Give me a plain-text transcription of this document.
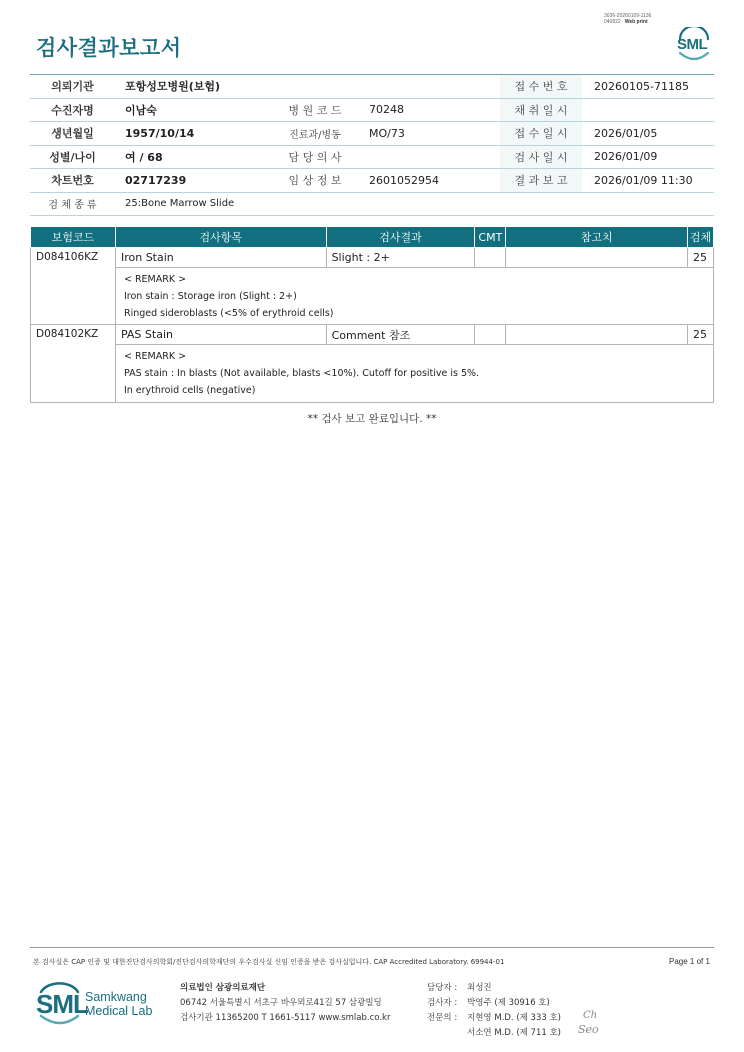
3036-20260109-1136
040822 Web print
검사결과보고서	SML
의뢰기관	포항성모병원(보험)			접 수 번 호	20260105-71185
수진자명	이남숙	병 원 코 드	70248	채 취 일 시	
생년월일	1957/10/14	진료과/병동	MO/73	접 수 일 시	2026/01/05
성별/나이	여 / 68	담 당 의 사		검 사 일 시	2026/01/09
차트번호	02717239	임 상 정 보	2601052954	결 과 보 고	2026/01/09 11:30
검 체 종 류	25:Bone Marrow Slide				
보험코드	검사항목	검사결과	CMT	참고치	검체
D084106KZ	Iron Stain	Slight : 2+			25

	< REMARK >
Iron stain : Storage iron (Slight : 2+)
Ringed sideroblasts (<5% of erythroid cells)				

D084102KZ	PAS Stain	Comment 참조			25

	< REMARK >
PAS stain : In blasts (Not available, blasts <10%). Cutoff for positive is 5%.
In erythroid cells (negative)				
** 검사 보고 완료입니다. **
본 검사실은 CAP 인증 및 대한진단검사의학회/진단검사의학재단의 우수검사실 신임 인증을 받은 검사실입니다. CAP Accredited Laboratory. 69944-01	Page 1 of 1
SML
Samkwang
Medical Lab
의료법인 삼광의료재단
06742 서울특별시 서초구 바우뫼로41길 57 삼광빌딩
검사기관 11365200 T 1661-5117 www.smlab.co.kr
담당자 : 최성진
검사자 : 박영주 (제 30916 호)
전문의 : 지현영 M.D. (제 333 호)
서소연 M.D. (제 711 호)
Ch
Seo
